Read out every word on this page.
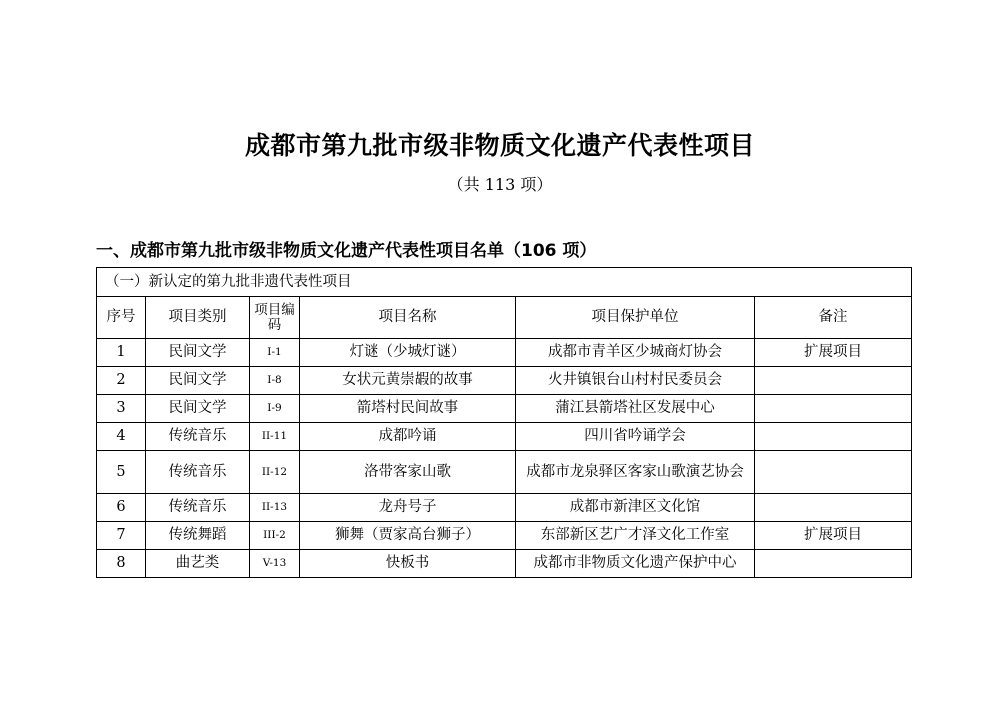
成都市第九批市级非物质文化遗产代表性项目
（共 113 项）
一、成都市第九批市级非物质文化遗产代表性项目名单（106 项）
（一）新认定的第九批非遗代表性项目					
序号	项目类别	项目编码	项目名称	项目保护单位	备注
1	民间文学	I-1	灯谜（少城灯谜）	成都市青羊区少城商灯协会	扩展项目
2	民间文学	I-8	女状元黄崇嘏的故事	火井镇银台山村村民委员会	
3	民间文学	I-9	箭塔村民间故事	蒲江县箭塔社区发展中心	
4	传统音乐	II-11	成都吟诵	四川省吟诵学会	
5	传统音乐	II-12	洛带客家山歌	成都市龙泉驿区客家山歌演艺协会	
6	传统音乐	II-13	龙舟号子	成都市新津区文化馆	
7	传统舞蹈	III-2	狮舞（贾家高台狮子）	东部新区艺广才泽文化工作室	扩展项目
8	曲艺类	V-13	快板书	成都市非物质文化遗产保护中心	
